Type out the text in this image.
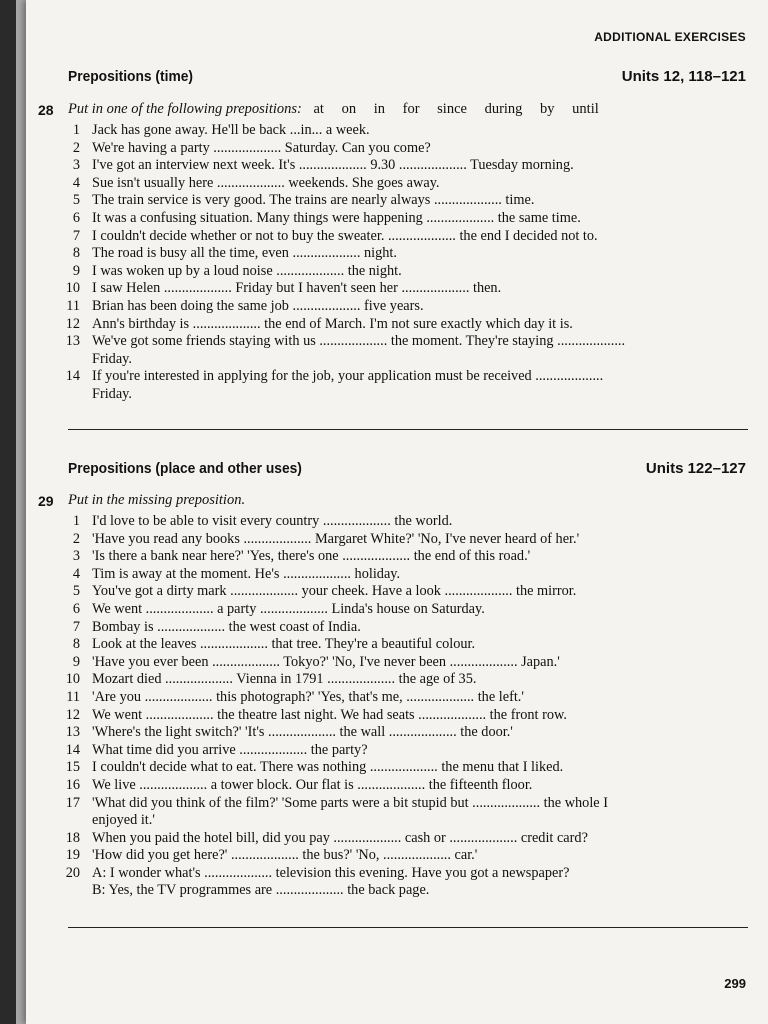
ADDITIONAL EXERCISES
Prepositions (time)	Units 12, 118–121
28 Put in one of the following prepositions: at on in for since during by until
1 Jack has gone away. He'll be back ...in... a week.
2 We're having a party ................... Saturday. Can you come?
3 I've got an interview next week. It's ................... 9.30 ................... Tuesday morning.
4 Sue isn't usually here ................... weekends. She goes away.
5 The train service is very good. The trains are nearly always ................... time.
6 It was a confusing situation. Many things were happening ................... the same time.
7 I couldn't decide whether or not to buy the sweater. ................... the end I decided not to.
8 The road is busy all the time, even ................... night.
9 I was woken up by a loud noise ................... the night.
10 I saw Helen ................... Friday but I haven't seen her ................... then.
11 Brian has been doing the same job ................... five years.
12 Ann's birthday is ................... the end of March. I'm not sure exactly which day it is.
13 We've got some friends staying with us ................... the moment. They're staying ...................
Friday.
14 If you're interested in applying for the job, your application must be received ...................
Friday.
Prepositions (place and other uses)	Units 122–127
29 Put in the missing preposition.
1 I'd love to be able to visit every country ................... the world.
2 'Have you read any books ................... Margaret White?' 'No, I've never heard of her.'
3 'Is there a bank near here?' 'Yes, there's one ................... the end of this road.'
4 Tim is away at the moment. He's ................... holiday.
5 You've got a dirty mark ................... your cheek. Have a look ................... the mirror.
6 We went ................... a party ................... Linda's house on Saturday.
7 Bombay is ................... the west coast of India.
8 Look at the leaves ................... that tree. They're a beautiful colour.
9 'Have you ever been ................... Tokyo?' 'No, I've never been ................... Japan.'
10 Mozart died ................... Vienna in 1791 ................... the age of 35.
11 'Are you ................... this photograph?' 'Yes, that's me, ................... the left.'
12 We went ................... the theatre last night. We had seats ................... the front row.
13 'Where's the light switch?' 'It's ................... the wall ................... the door.'
14 What time did you arrive ................... the party?
15 I couldn't decide what to eat. There was nothing ................... the menu that I liked.
16 We live ................... a tower block. Our flat is ................... the fifteenth floor.
17 'What did you think of the film?' 'Some parts were a bit stupid but ................... the whole I
enjoyed it.'
18 When you paid the hotel bill, did you pay ................... cash or ................... credit card?
19 'How did you get here?' ................... the bus?' 'No, ................... car.'
20 A: I wonder what's ................... television this evening. Have you got a newspaper?
B: Yes, the TV programmes are ................... the back page.
299
